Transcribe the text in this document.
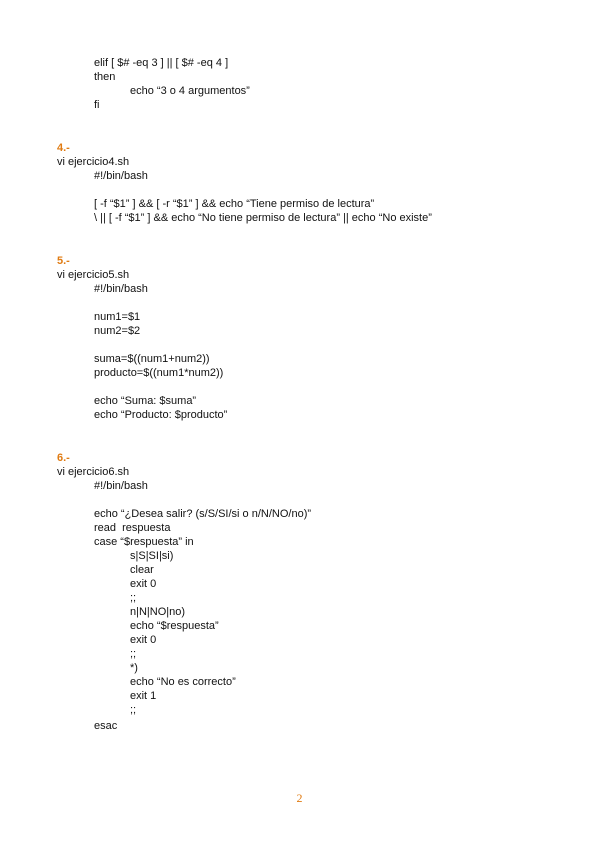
elif [ $# -eq 3 ] || [ $# -eq 4 ]
then
echo “3 o 4 argumentos”
fi
4.-
vi ejercicio4.sh
#!/bin/bash
[ -f “$1” ] && [ -r “$1” ] && echo “Tiene permiso de lectura”
\ || [ -f “$1” ] && echo “No tiene permiso de lectura” || echo “No existe”
5.-
vi ejercicio5.sh
#!/bin/bash
num1=$1
num2=$2
suma=$((num1+num2))
producto=$((num1*num2))
echo “Suma: $suma”
echo “Producto: $producto”
6.-
vi ejercicio6.sh
#!/bin/bash
echo “¿Desea salir? (s/S/SI/si o n/N/NO/no)”
read  respuesta
case “$respuesta” in
s|S|SI|si)
clear
exit 0
;;
n|N|NO|no)
echo “$respuesta”
exit 0
;;
*)
echo “No es correcto”
exit 1
;;
esac
2
